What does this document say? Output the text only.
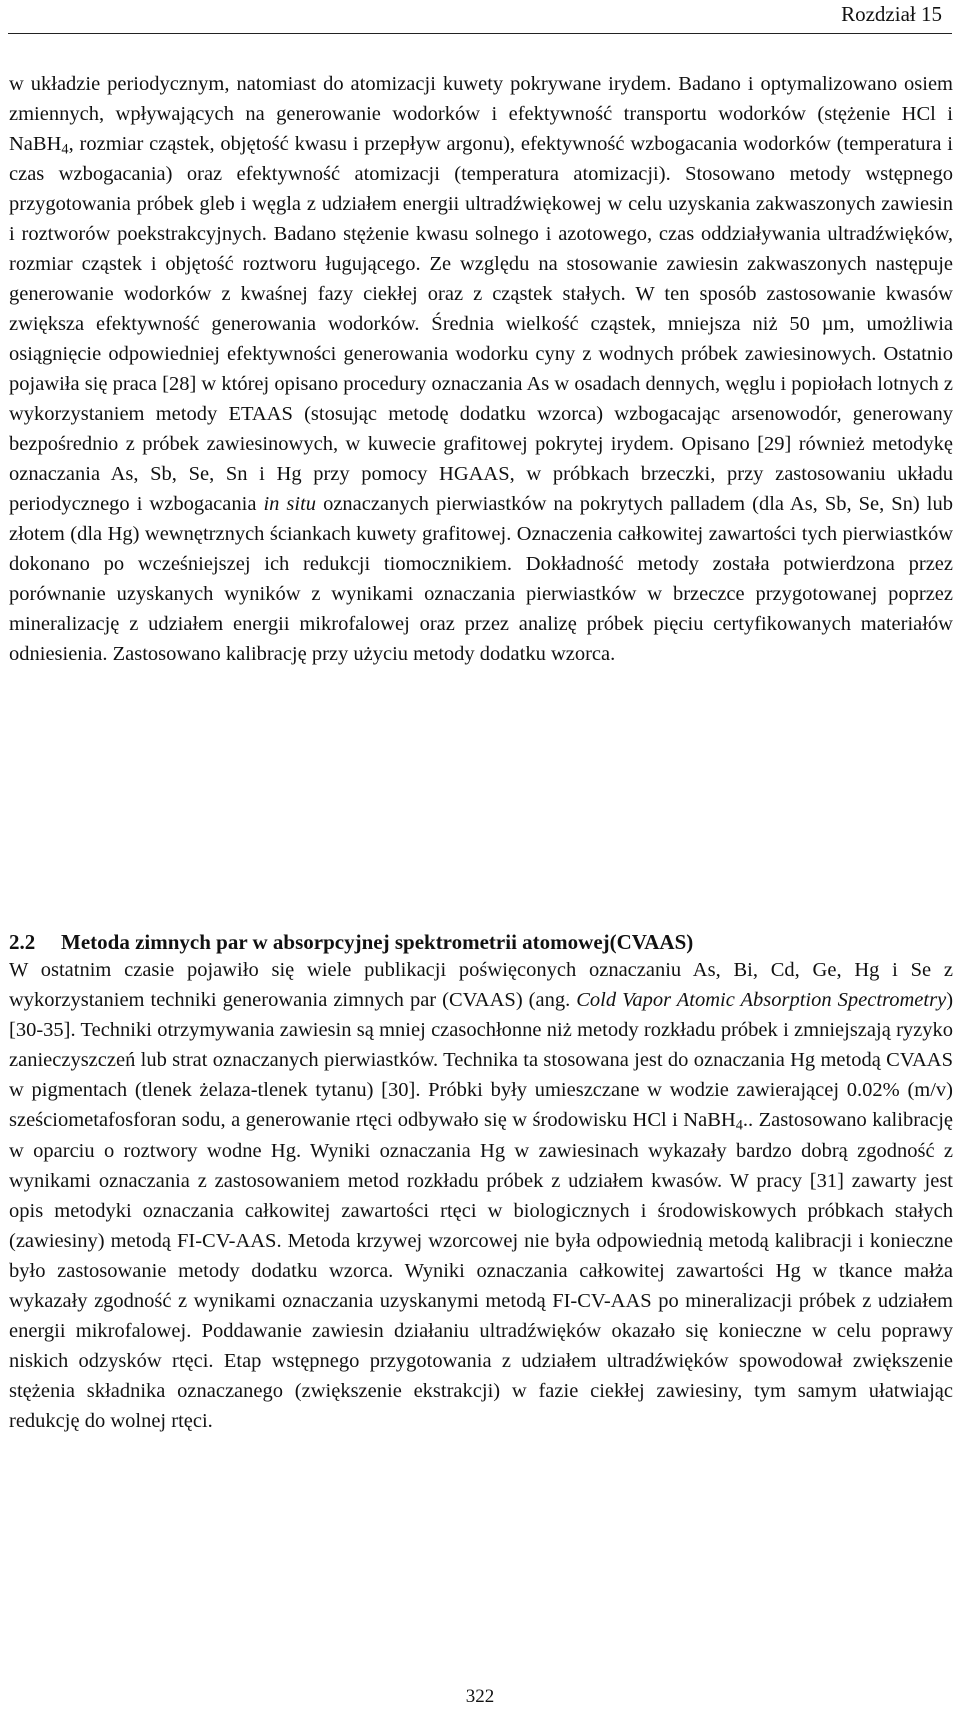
Rozdział 15

w układzie periodycznym, natomiast do atomizacji kuwety pokrywane irydem. Badano i optymalizowano osiem zmiennych, wpływających na generowanie wodorków i efektywność transportu wodorków (stężenie HCl i NaBH$_4$, rozmiar cząstek, objętość kwasu i przepływ argonu), efektywność wzbogacania wodorków (temperatura i czas wzbogacania) oraz efektywność atomizacji (temperatura atomizacji). Stosowano metody wstępnego przygotowania próbek gleb i węgla z udziałem energii ultradźwiękowej w celu uzyskania zakwaszonych zawiesin i roztworów poekstrakcyjnych. Badano stężenie kwasu solnego i azotowego, czas oddziaływania ultradźwięków, rozmiar cząstek i objętość roztworu ługującego. Ze względu na stosowanie zawiesin zakwaszonych następuje generowanie wodorków z kwaśnej fazy ciekłej oraz z cząstek stałych. W ten sposób zastosowanie kwasów zwiększa efektywność generowania wodorków. Średnia wielkość cząstek, mniejsza niż 50 µm, umożliwia osiągnięcie odpowiedniej efektywności generowania wodorku cyny z wodnych próbek zawiesinowych. Ostatnio pojawiła się praca [28] w której opisano procedury oznaczania As w osadach dennych, węglu i popiołach lotnych z wykorzystaniem metody ETAAS (stosując metodę dodatku wzorca) wzbogacając arsenowodór, generowany bezpośrednio z próbek zawiesinowych, w kuwecie grafitowej pokrytej irydem. Opisano [29] również metodykę oznaczania As, Sb, Se, Sn i Hg przy pomocy HGAAS, w próbkach brzeczki, przy zastosowaniu układu periodycznego i wzbogacania in situ oznaczanych pierwiastków na pokrytych palladem (dla As, Sb, Se, Sn) lub złotem (dla Hg) wewnętrznych ściankach kuwety grafitowej. Oznaczenia całkowitej zawartości tych pierwiastków dokonano po wcześniejszej ich redukcji tiomocznikiem. Dokładność metody została potwierdzona przez porównanie uzyskanych wyników z wynikami oznaczania pierwiastków w brzeczce przygotowanej poprzez mineralizację z udziałem energii mikrofalowej oraz przez analizę próbek pięciu certyfikowanych materiałów odniesienia. Zastosowano kalibrację przy użyciu metody dodatku wzorca.

2.2 Metoda zimnych par w absorpcyjnej spektrometrii atomowej(CVAAS)

W ostatnim czasie pojawiło się wiele publikacji poświęconych oznaczaniu As, Bi, Cd, Ge, Hg i Se z wykorzystaniem techniki generowania zimnych par (CVAAS) (ang. Cold Vapor Atomic Absorption Spectrometry) [30-35]. Techniki otrzymywania zawiesin są mniej czasochłonne niż metody rozkładu próbek i zmniejszają ryzyko zanieczyszczeń lub strat oznaczanych pierwiastków. Technika ta stosowana jest do oznaczania Hg metodą CVAAS w pigmentach (tlenek żelaza-tlenek tytanu) [30]. Próbki były umieszczane w wodzie zawierającej 0.02% (m/v) sześciometafosforan sodu, a generowanie rtęci odbywało się w środowisku HCl i NaBH$_4$.. Zastosowano kalibrację w oparciu o roztwory wodne Hg. Wyniki oznaczania Hg w zawiesinach wykazały bardzo dobrą zgodność z wynikami oznaczania z zastosowaniem metod rozkładu próbek z udziałem kwasów. W pracy [31] zawarty jest opis metodyki oznaczania całkowitej zawartości rtęci w biologicznych i środowiskowych próbkach stałych (zawiesiny) metodą FI-CV-AAS. Metoda krzywej wzorcowej nie była odpowiednią metodą kalibracji i konieczne było zastosowanie metody dodatku wzorca. Wyniki oznaczania całkowitej zawartości Hg w tkance małża wykazały zgodność z wynikami oznaczania uzyskanymi metodą FI-CV-AAS po mineralizacji próbek z udziałem energii mikrofalowej. Poddawanie zawiesin działaniu ultradźwięków okazało się konieczne w celu poprawy niskich odzysków rtęci. Etap wstępnego przygotowania z udziałem ultradźwięków spowodował zwiększenie stężenia składnika oznaczanego (zwiększenie ekstrakcji) w fazie ciekłej zawiesiny, tym samym ułatwiając redukcję do wolnej rtęci.

322
